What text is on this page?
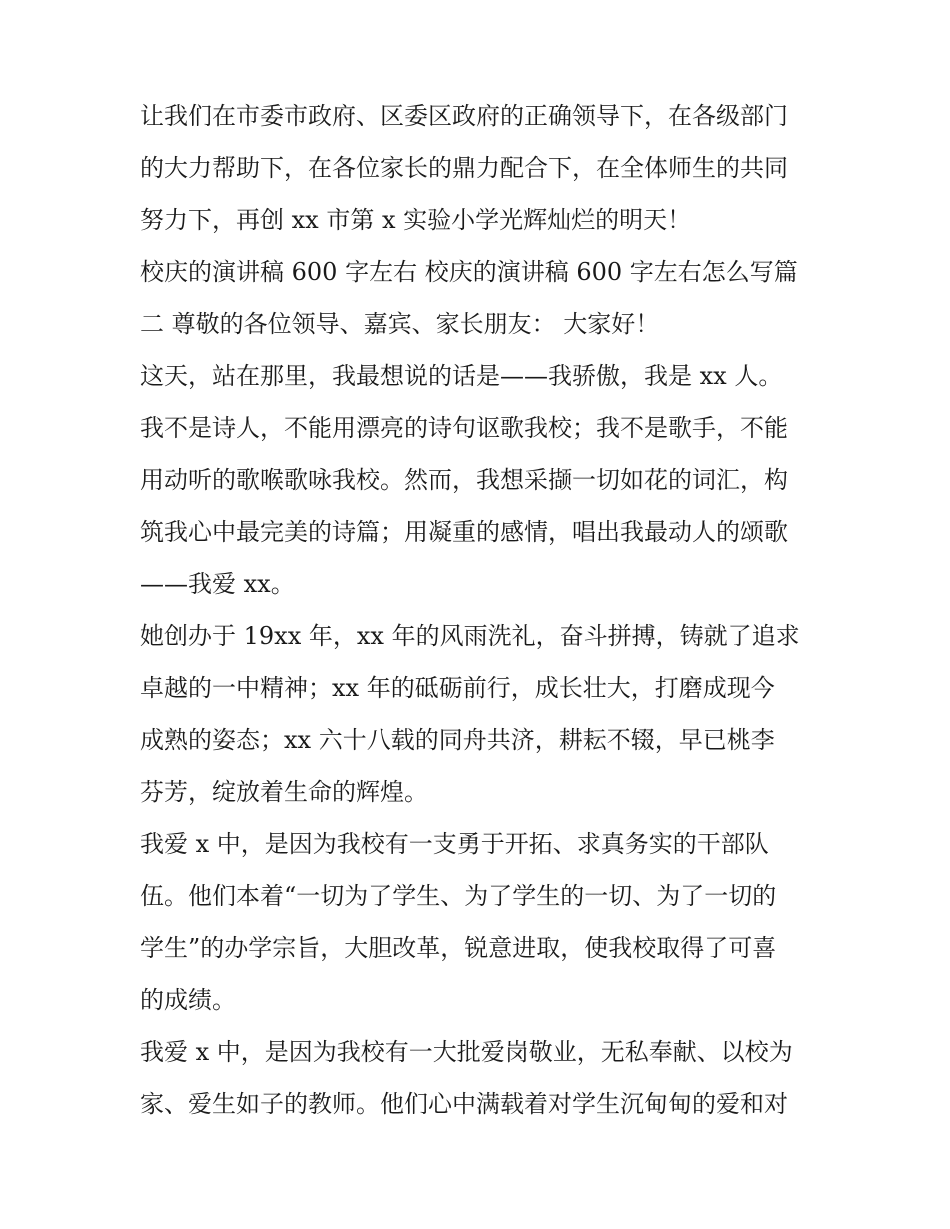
让我们在市委市政府、区委区政府的正确领导下，在各级部门

的大力帮助下，在各位家长的鼎力配合下，在全体师生的共同

努力下，再创 xx 市第 x 实验小学光辉灿烂的明天！

校庆的演讲稿 600 字左右 校庆的演讲稿 600 字左右怎么写篇

二 尊敬的各位领导、嘉宾、家长朋友： 大家好！

这天，站在那里，我最想说的话是——我骄傲，我是 xx 人。

我不是诗人，不能用漂亮的诗句讴歌我校；我不是歌手，不能

用动听的歌喉歌咏我校。然而，我想采撷一切如花的词汇，构

筑我心中最完美的诗篇；用凝重的感情，唱出我最动人的颂歌

——我爱 xx。

她创办于 19xx 年，xx 年的风雨洗礼，奋斗拼搏，铸就了追求

卓越的一中精神；xx 年的砥砺前行，成长壮大，打磨成现今

成熟的姿态；xx 六十八载的同舟共济，耕耘不辍，早已桃李

芬芳，绽放着生命的辉煌。

我爱 x 中，是因为我校有一支勇于开拓、求真务实的干部队

伍。他们本着“一切为了学生、为了学生的一切、为了一切的

学生”的办学宗旨，大胆改革，锐意进取，使我校取得了可喜

的成绩。

我爱 x 中，是因为我校有一大批爱岗敬业，无私奉献、以校为

家、爱生如子的教师。他们心中满载着对学生沉甸甸的爱和对
